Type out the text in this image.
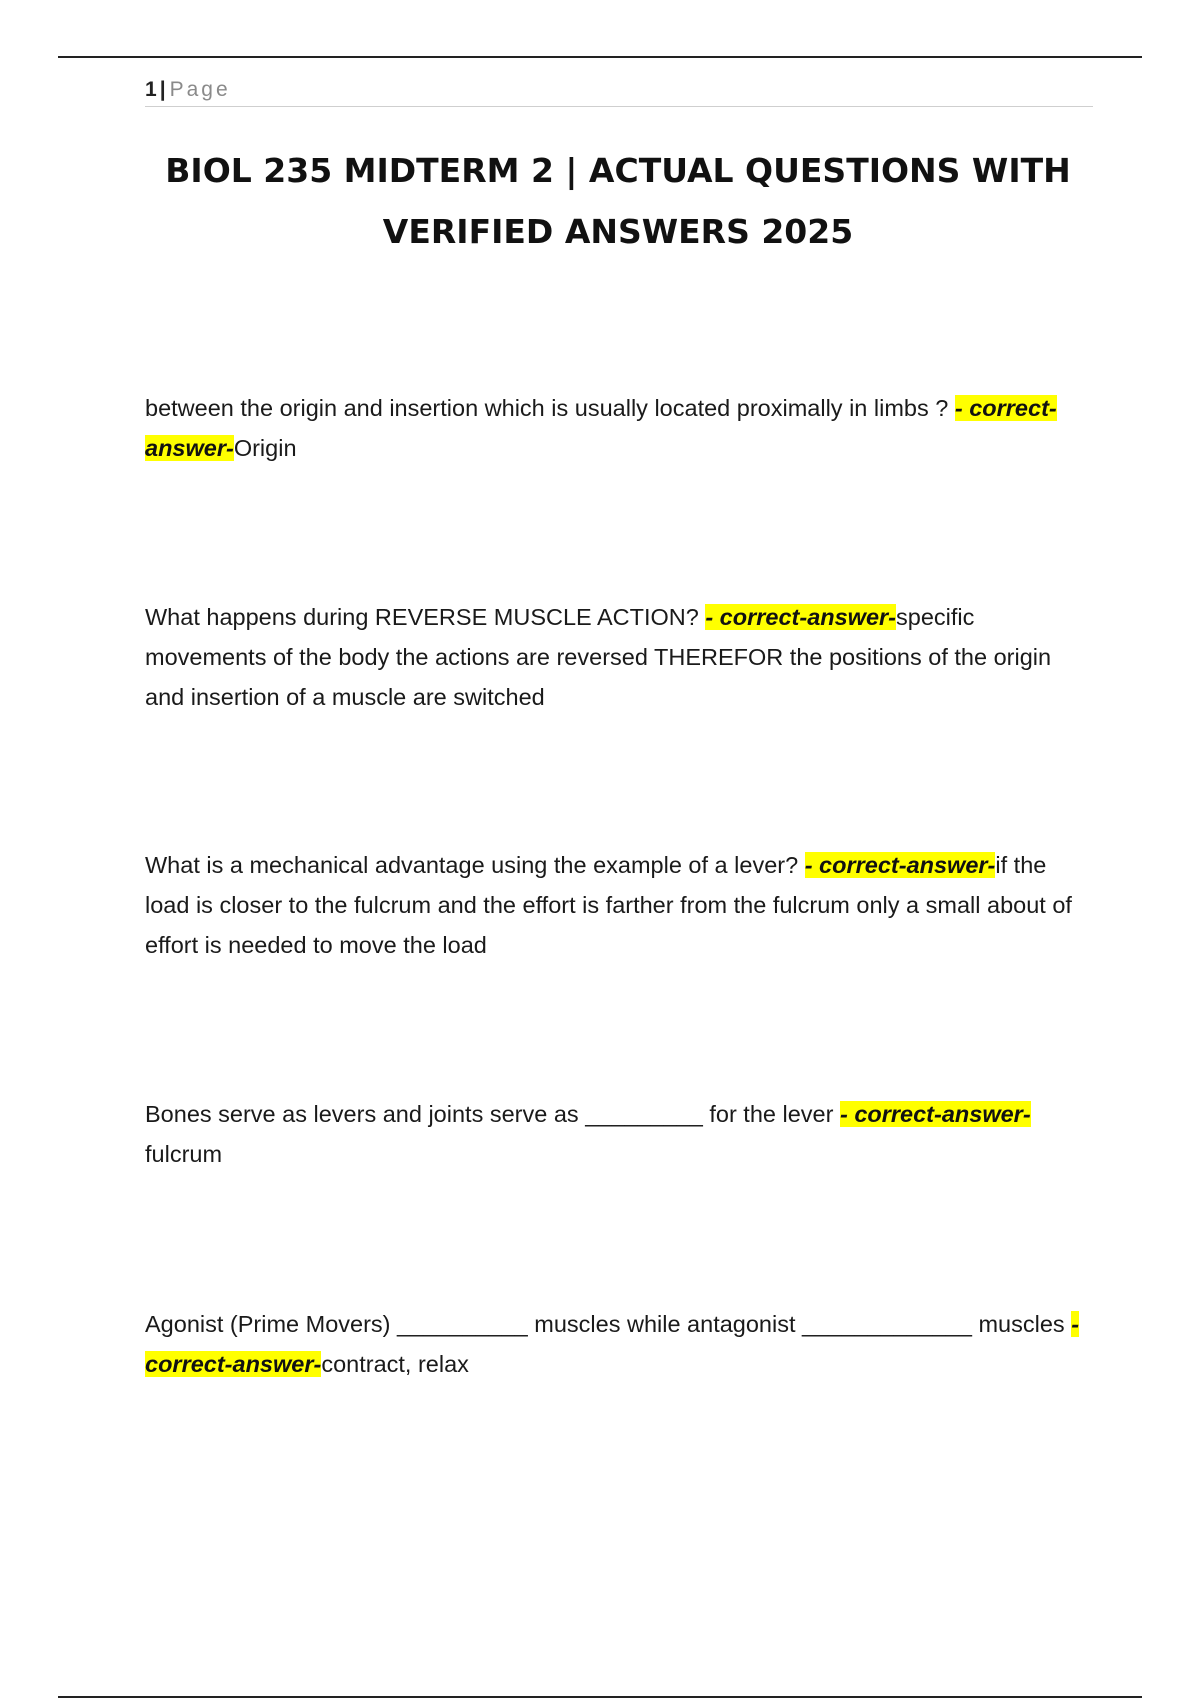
1 | Page
BIOL 235 MIDTERM 2 | ACTUAL QUESTIONS WITH VERIFIED ANSWERS 2025

between the origin and insertion which is usually located proximally in limbs ? - correct-answer-Origin

What happens during REVERSE MUSCLE ACTION? - correct-answer-specific movements of the body the actions are reversed THEREFOR the positions of the origin and insertion of a muscle are switched

What is a mechanical advantage using the example of a lever? - correct-answer-if the load is closer to the fulcrum and the effort is farther from the fulcrum only a small about of effort is needed to move the load

Bones serve as levers and joints serve as _________ for the lever - correct-answer-fulcrum

Agonist (Prime Movers) __________ muscles while antagonist _____________ muscles - correct-answer-contract, relax
